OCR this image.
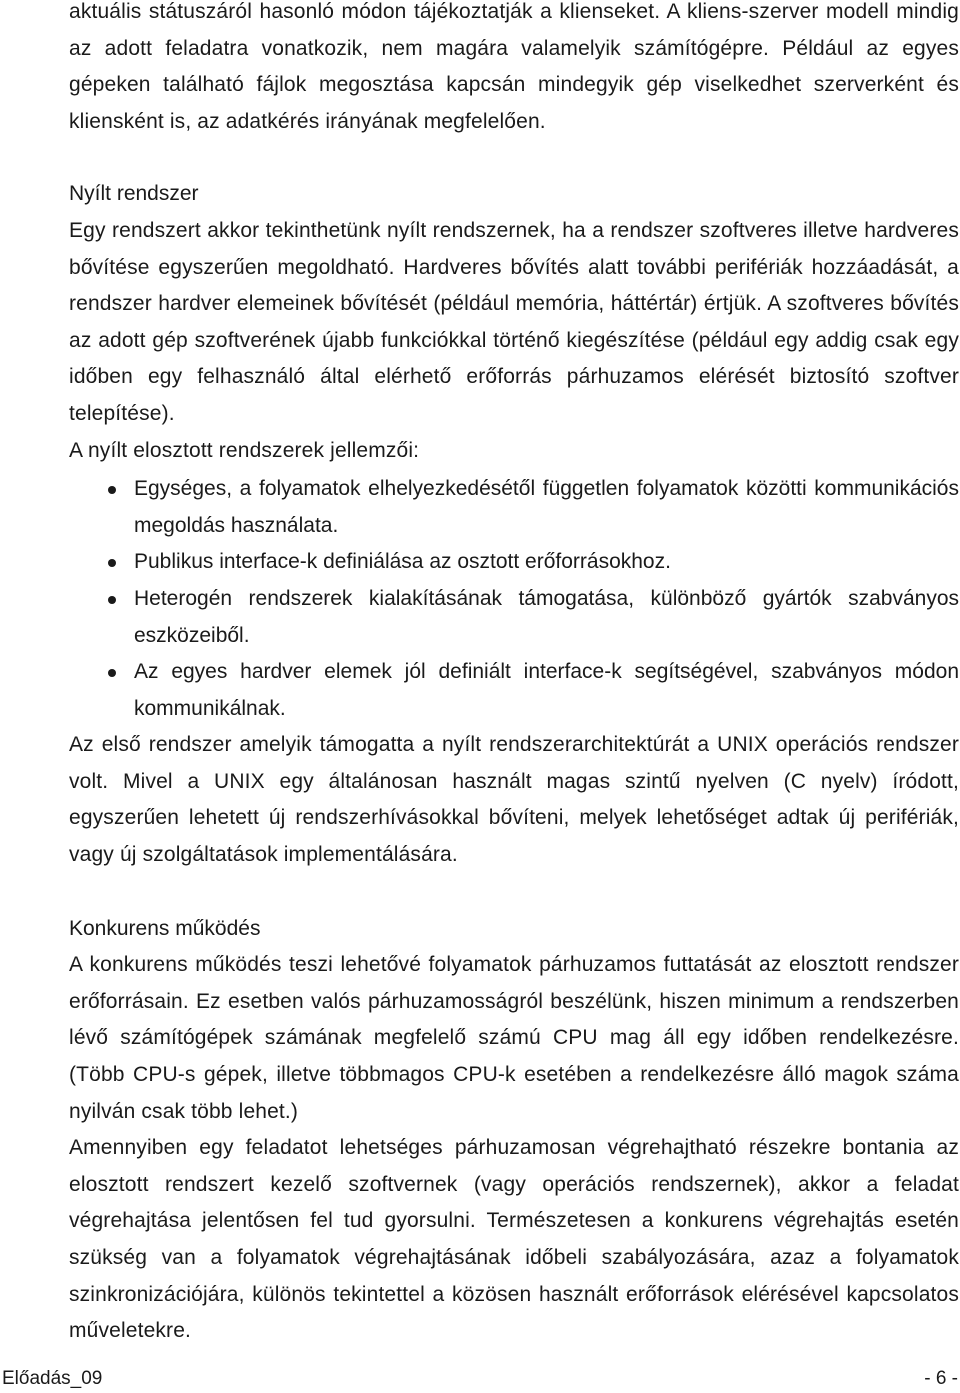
aktuális státuszáról hasonló módon tájékoztatják a klienseket. A kliens-szerver modell mindig az adott feladatra vonatkozik, nem magára valamelyik számítógépre. Például az egyes gépeken található fájlok megosztása kapcsán mindegyik gép viselkedhet szerverként és kliensként is, az adatkérés irányának megfelelően.

Nyílt rendszer

Egy rendszert akkor tekinthetünk nyílt rendszernek, ha a rendszer szoftveres illetve hardveres bővítése egyszerűen megoldható. Hardveres bővítés alatt további perifériák hozzáadását, a rendszer hardver elemeinek bővítését (például memória, háttértár) értjük. A szoftveres bővítés az adott gép szoftverének újabb funkciókkal történő kiegészítése (például egy addig csak egy időben egy felhasználó által elérhető erőforrás párhuzamos elérését biztosító szoftver telepítése).

A nyílt elosztott rendszerek jellemzői:

Egységes, a folyamatok elhelyezkedésétől független folyamatok közötti kommunikációs megoldás használata.
Publikus interface-k definiálása az osztott erőforrásokhoz.
Heterogén rendszerek kialakításának támogatása, különböző gyártók szabványos eszközeiből.
Az egyes hardver elemek jól definiált interface-k segítségével, szabványos módon kommunikálnak.

Az első rendszer amelyik támogatta a nyílt rendszerarchitektúrát a UNIX operációs rendszer volt. Mivel a UNIX egy általánosan használt magas szintű nyelven (C nyelv) íródott, egyszerűen lehetett új rendszerhívásokkal bővíteni, melyek lehetőséget adtak új perifériák, vagy új szolgáltatások implementálására.

Konkurens működés

A konkurens működés teszi lehetővé folyamatok párhuzamos futtatását az elosztott rendszer erőforrásain. Ez esetben valós párhuzamosságról beszélünk, hiszen minimum a rendszerben lévő számítógépek számának megfelelő számú CPU mag áll egy időben rendelkezésre. (Több CPU-s gépek, illetve többmagos CPU-k esetében a rendelkezésre álló magok száma nyilván csak több lehet.)

Amennyiben egy feladatot lehetséges párhuzamosan végrehajtható részekre bontania az elosztott rendszert kezelő szoftvernek (vagy operációs rendszernek), akkor a feladat végrehajtása jelentősen fel tud gyorsulni. Természetesen a konkurens végrehajtás esetén szükség van a folyamatok végrehajtásának időbeli szabályozására, azaz a folyamatok szinkronizációjára, különös tekintettel a közösen használt erőforrások elérésével kapcsolatos műveletekre.

Előadás_09	- 6 -
